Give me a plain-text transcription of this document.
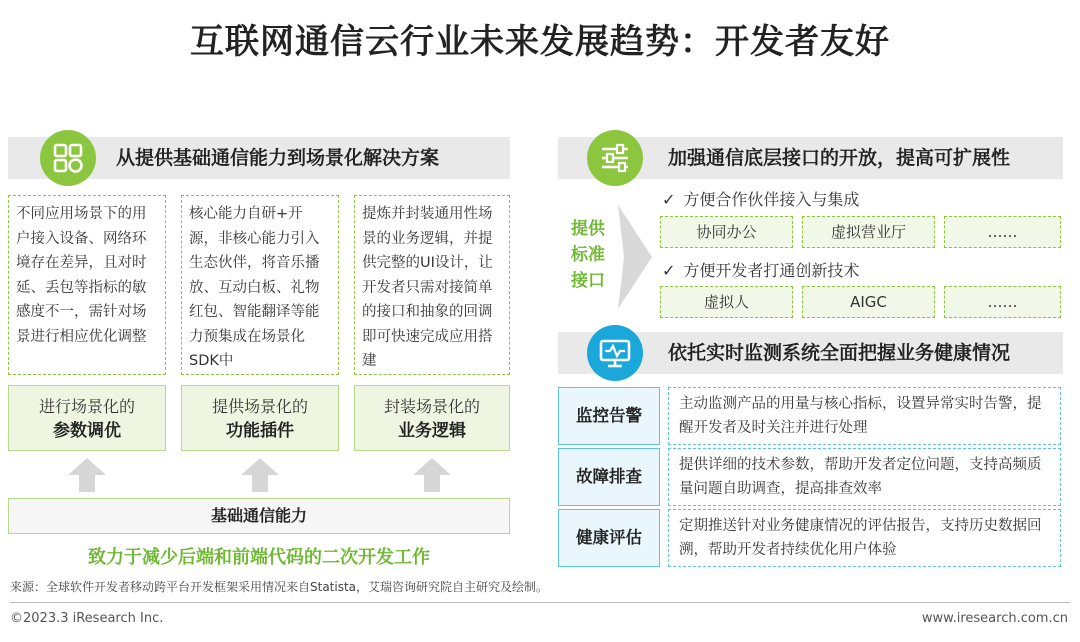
互联网通信云行业未来发展趋势：开发者友好
从提供基础通信能力到场景化解决方案
不同应用场景下的用户接入设备、网络环境存在差异，且对时延、丢包等指标的敏感度不一，需针对场景进行相应优化调整
核心能力自研+开源，非核心能力引入生态伙伴，将音乐播放、互动白板、礼物红包、智能翻译等能力预集成在场景化SDK中
提炼并封装通用性场景的业务逻辑，并提供完整的UI设计，让开发者只需对接简单的接口和抽象的回调即可快速完成应用搭建
进行场景化的
参数调优
提供场景化的
功能插件
封装场景化的
业务逻辑
基础通信能力
致力于减少后端和前端代码的二次开发工作
加强通信底层接口的开放，提高可扩展性
提供
标准
接口
✓ 方便合作伙伴接入与集成
协同办公	虚拟营业厅	……
✓ 方便开发者打通创新技术
虚拟人	AIGC	……
依托实时监测系统全面把握业务健康情况
监控告警
主动监测产品的用量与核心指标，设置异常实时告警，提醒开发者及时关注并进行处理
故障排查
提供详细的技术参数，帮助开发者定位问题，支持高频质量问题自助调查，提高排查效率
健康评估
定期推送针对业务健康情况的评估报告，支持历史数据回溯，帮助开发者持续优化用户体验
来源：全球软件开发者移动跨平台开发框架采用情况来自Statista，艾瑞咨询研究院自主研究及绘制。
©2023.3 iResearch Inc.	www.iresearch.com.cn
